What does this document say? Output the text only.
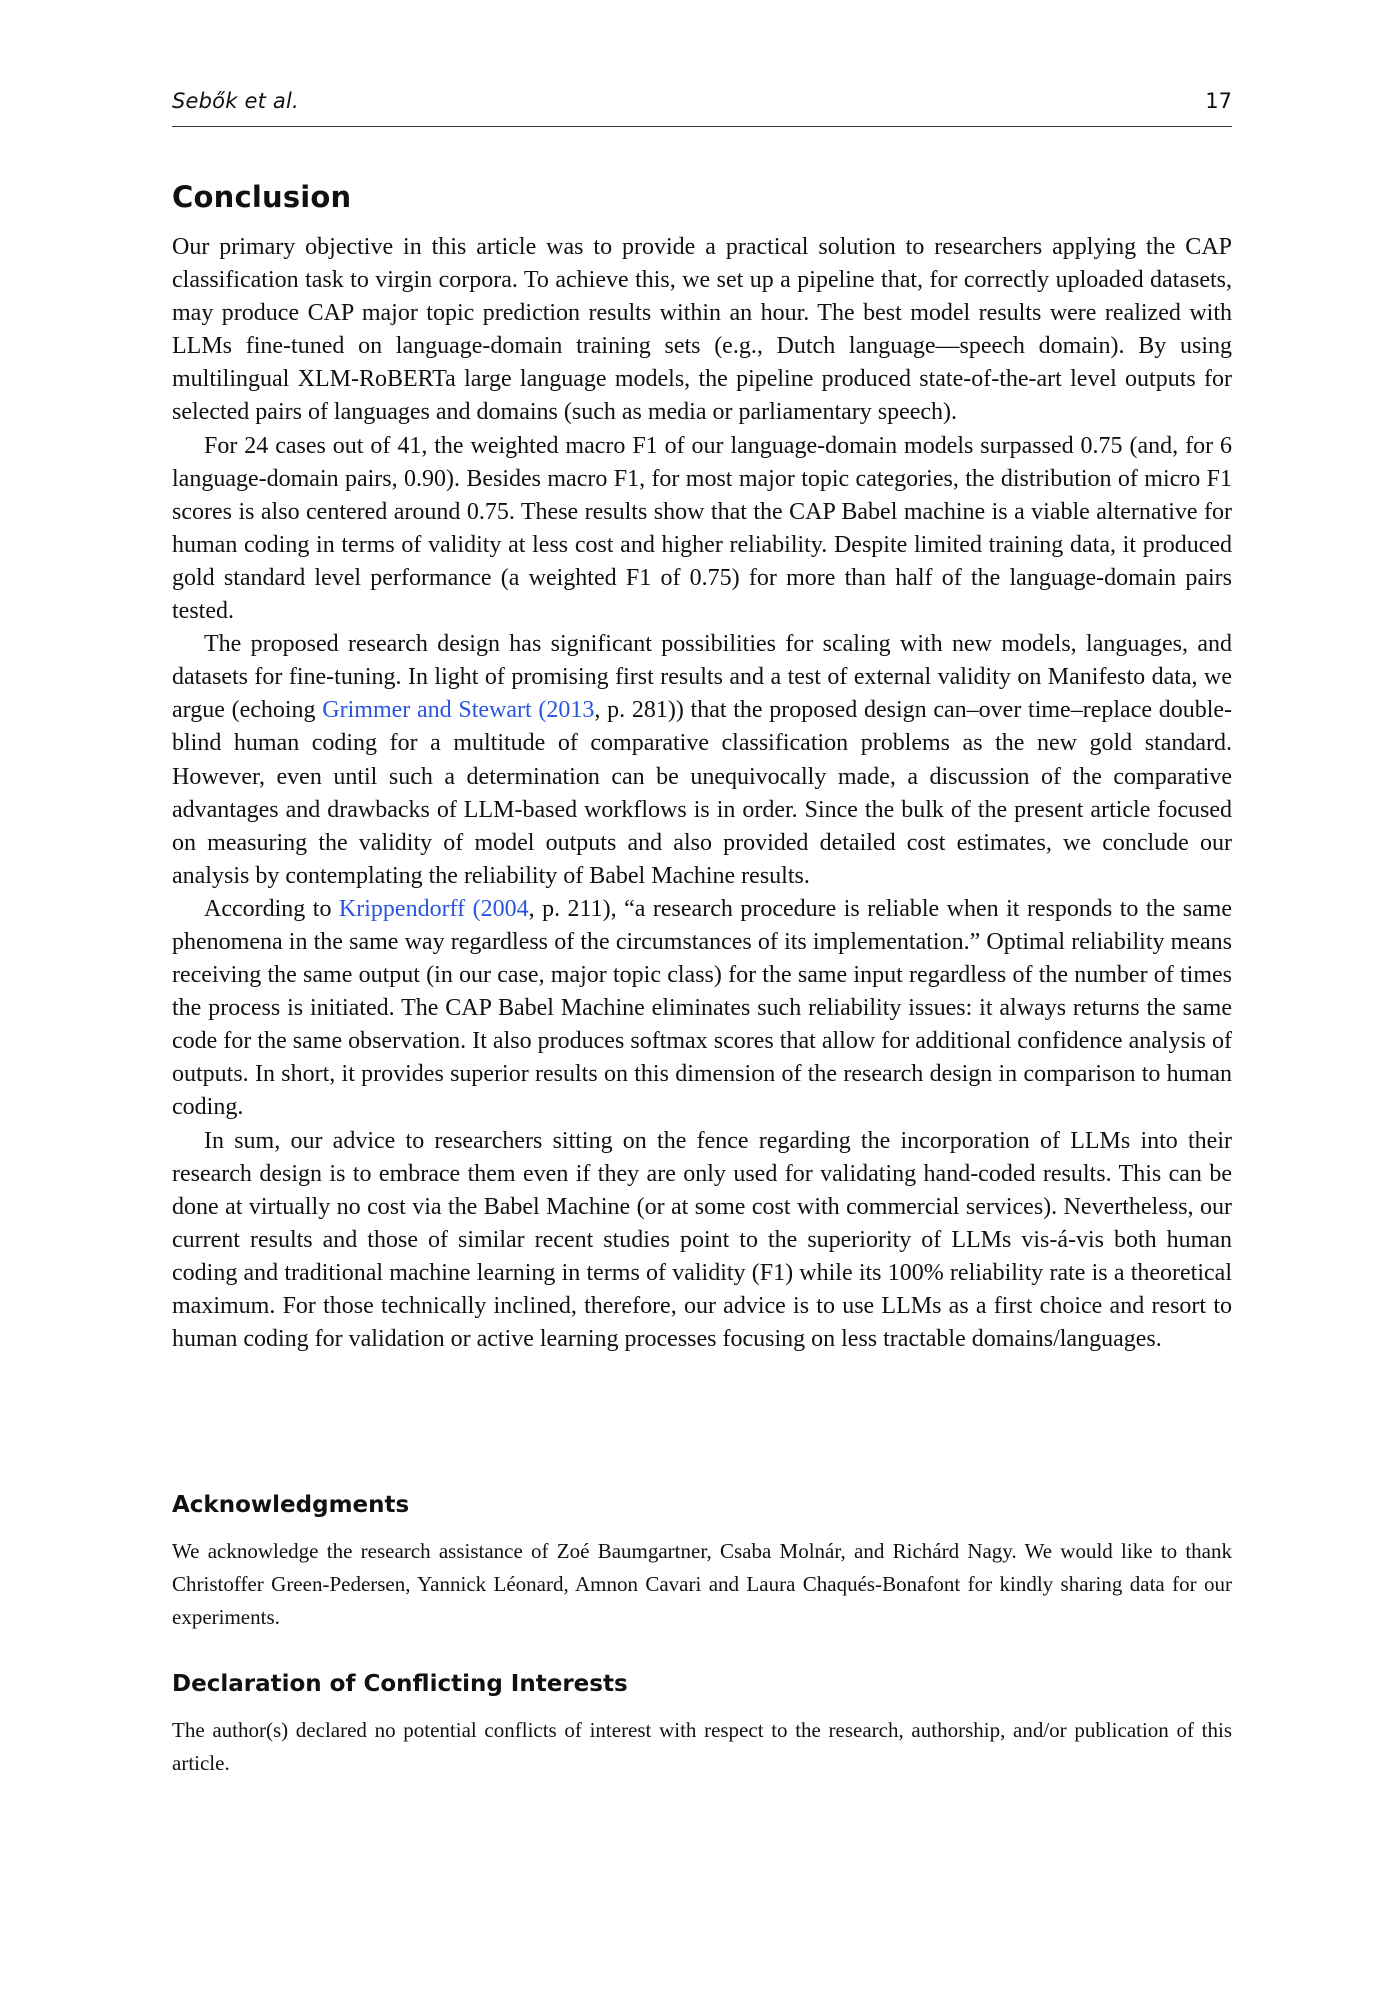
Sebők et al.	17
Conclusion

Our primary objective in this article was to provide a practical solution to researchers applying the CAP classification task to virgin corpora. To achieve this, we set up a pipeline that, for correctly uploaded datasets, may produce CAP major topic prediction results within an hour. The best model results were realized with LLMs fine-tuned on language-domain training sets (e.g., Dutch language—speech domain). By using multilingual XLM-RoBERTa large language models, the pipeline produced state-of-the-art level outputs for selected pairs of languages and domains (such as media or parliamentary speech).

For 24 cases out of 41, the weighted macro F1 of our language-domain models surpassed 0.75 (and, for 6 language-domain pairs, 0.90). Besides macro F1, for most major topic categories, the distribution of micro F1 scores is also centered around 0.75. These results show that the CAP Babel machine is a viable alternative for human coding in terms of validity at less cost and higher reliability. Despite limited training data, it produced gold standard level performance (a weighted F1 of 0.75) for more than half of the language-domain pairs tested.

The proposed research design has significant possibilities for scaling with new models, languages, and datasets for fine-tuning. In light of promising first results and a test of external validity on Manifesto data, we argue (echoing Grimmer and Stewart (2013, p. 281)) that the proposed design can–over time–replace double-blind human coding for a multitude of comparative classification problems as the new gold standard. However, even until such a determination can be unequivocally made, a discussion of the comparative advantages and drawbacks of LLM-based workflows is in order. Since the bulk of the present article focused on measuring the validity of model outputs and also provided detailed cost estimates, we conclude our analysis by contemplating the reliability of Babel Machine results.

According to Krippendorff (2004, p. 211), “a research procedure is reliable when it responds to the same phenomena in the same way regardless of the circumstances of its implementation.” Optimal reliability means receiving the same output (in our case, major topic class) for the same input regardless of the number of times the process is initiated. The CAP Babel Machine eliminates such reliability issues: it always returns the same code for the same observation. It also produces softmax scores that allow for additional confidence analysis of outputs. In short, it provides superior results on this dimension of the research design in comparison to human coding.

In sum, our advice to researchers sitting on the fence regarding the incorporation of LLMs into their research design is to embrace them even if they are only used for validating hand-coded results. This can be done at virtually no cost via the Babel Machine (or at some cost with commercial services). Nevertheless, our current results and those of similar recent studies point to the superiority of LLMs vis-á-vis both human coding and traditional machine learning in terms of validity (F1) while its 100% reliability rate is a theoretical maximum. For those technically inclined, therefore, our advice is to use LLMs as a first choice and resort to human coding for validation or active learning processes focusing on less tractable domains/languages.

Acknowledgments

We acknowledge the research assistance of Zoé Baumgartner, Csaba Molnár, and Richárd Nagy. We would like to thank Christoffer Green-Pedersen, Yannick Léonard, Amnon Cavari and Laura Chaqués-Bonafont for kindly sharing data for our experiments.

Declaration of Conflicting Interests

The author(s) declared no potential conflicts of interest with respect to the research, authorship, and/or publication of this article.
